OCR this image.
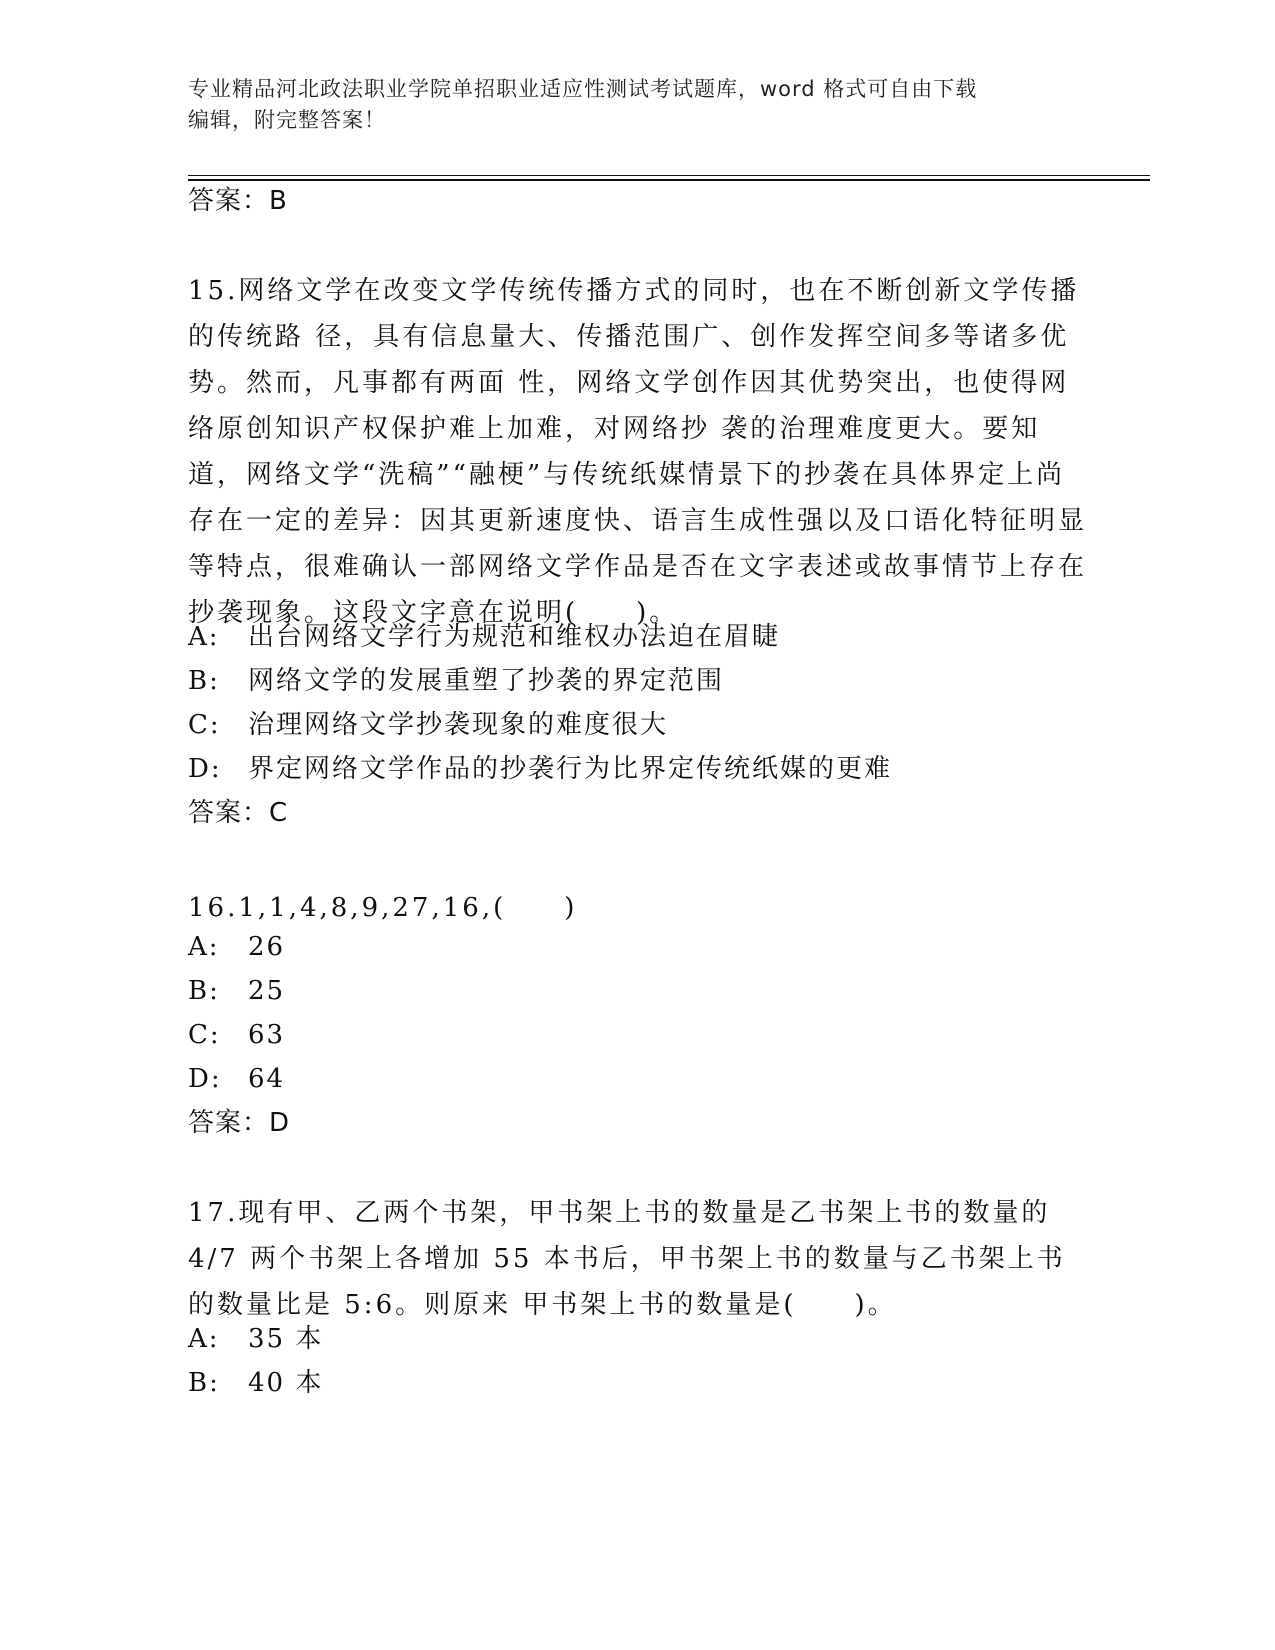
专业精品河北政法职业学院单招职业适应性测试考试题库，word 格式可自由下载
编辑，附完整答案！
答案：B
15.网络文学在改变文学传统传播方式的同时，也在不断创新文学传播的传统路 径，具有信息量大、传播范围广、创作发挥空间多等诸多优势。然而，凡事都有两面 性，网络文学创作因其优势突出，也使得网络原创知识产权保护难上加难，对网络抄 袭的治理难度更大。要知道，网络文学“洗稿”“融梗”与传统纸媒情景下的抄袭在具体界定上尚存在一定的差异：因其更新速度快、语言生成性强以及口语化特征明显等特点，很难确认一部网络文学作品是否在文字表述或故事情节上存在抄袭现象。这段文字意在说明(　　)。
A: 出台网络文学行为规范和维权办法迫在眉睫
B: 网络文学的发展重塑了抄袭的界定范围
C: 治理网络文学抄袭现象的难度很大
D: 界定网络文学作品的抄袭行为比界定传统纸媒的更难
答案：C
16.1,1,4,8,9,27,16,(　　)
A: 26
B: 25
C: 63
D: 64
答案：D
17.现有甲、乙两个书架，甲书架上书的数量是乙书架上书的数量的 4/7 两个书架上各增加 55 本书后，甲书架上书的数量与乙书架上书的数量比是 5:6。则原来 甲书架上书的数量是(　　)。
A: 35 本
B: 40 本
